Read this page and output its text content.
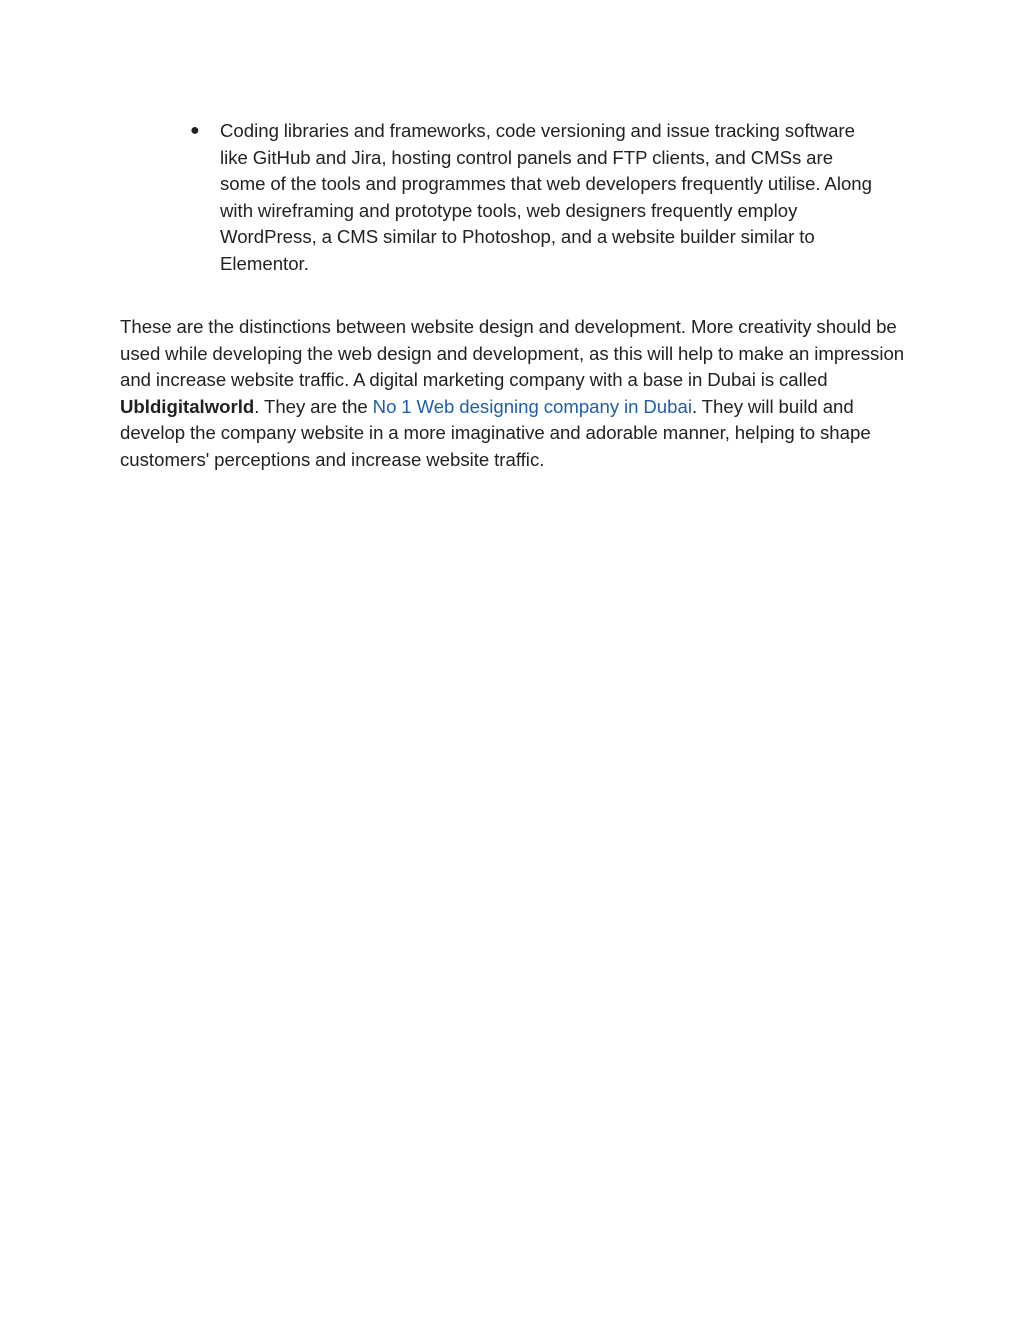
● Coding libraries and frameworks, code versioning and issue tracking software like GitHub and Jira, hosting control panels and FTP clients, and CMSs are some of the tools and programmes that web developers frequently utilise. Along with wireframing and prototype tools, web designers frequently employ WordPress, a CMS similar to Photoshop, and a website builder similar to Elementor.

These are the distinctions between website design and development. More creativity should be used while developing the web design and development, as this will help to make an impression and increase website traffic. A digital marketing company with a base in Dubai is called Ubldigitalworld. They are the No 1 Web designing company in Dubai. They will build and develop the company website in a more imaginative and adorable manner, helping to shape customers' perceptions and increase website traffic.
